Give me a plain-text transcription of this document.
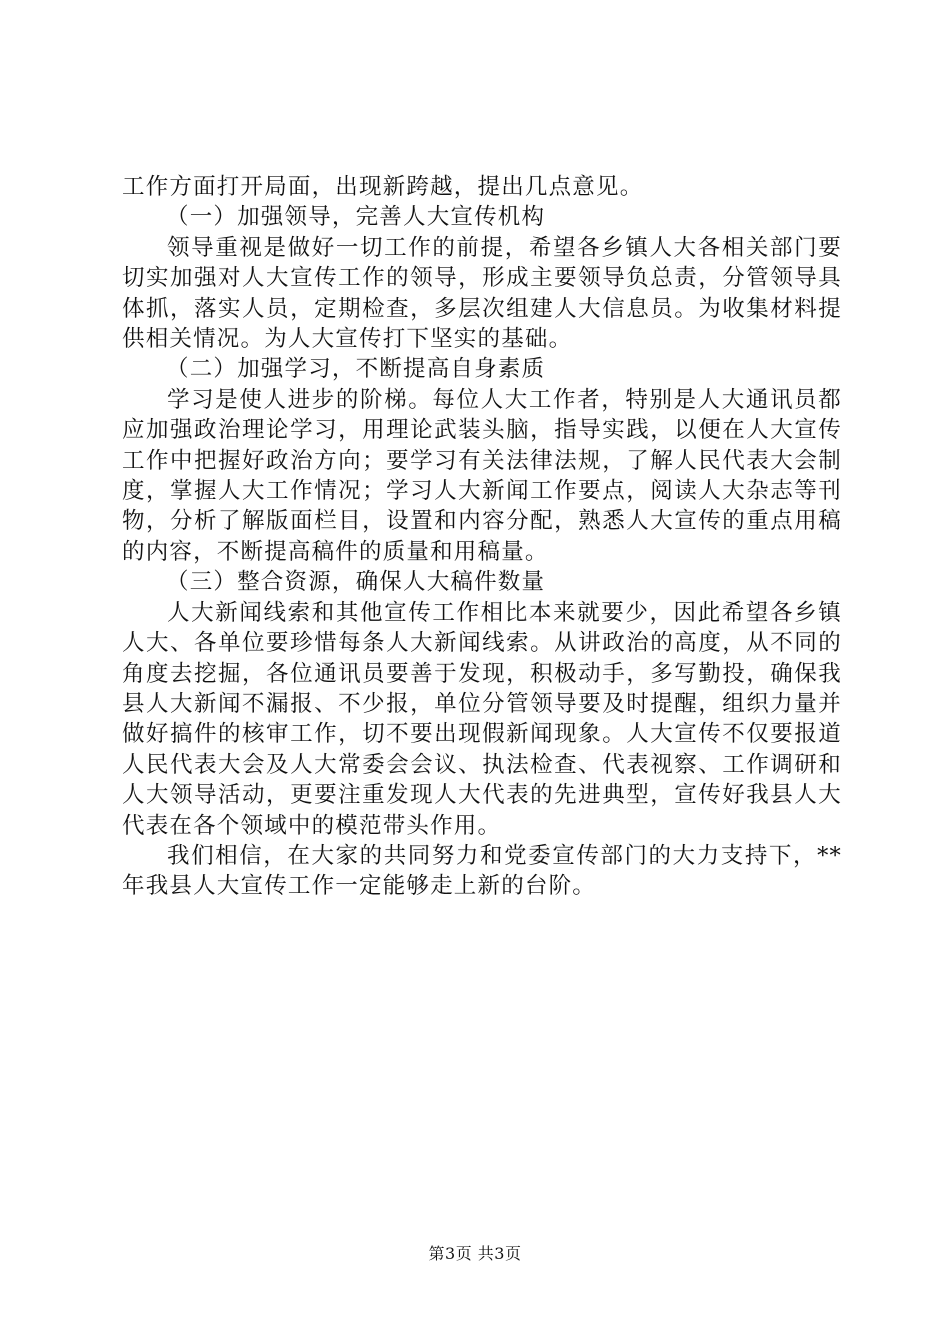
工作方面打开局面，出现新跨越，提出几点意见。

（一）加强领导，完善人大宣传机构

领导重视是做好一切工作的前提，希望各乡镇人大各相关部门要切实加强对人大宣传工作的领导，形成主要领导负总责，分管领导具体抓，落实人员，定期检查，多层次组建人大信息员。为收集材料提供相关情况。为人大宣传打下坚实的基础。

（二）加强学习，不断提高自身素质

学习是使人进步的阶梯。每位人大工作者，特别是人大通讯员都应加强政治理论学习，用理论武装头脑，指导实践，以便在人大宣传工作中把握好政治方向；要学习有关法律法规，了解人民代表大会制度，掌握人大工作情况；学习人大新闻工作要点，阅读人大杂志等刊物，分析了解版面栏目，设置和内容分配，熟悉人大宣传的重点用稿的内容，不断提高稿件的质量和用稿量。

（三）整合资源，确保人大稿件数量

人大新闻线索和其他宣传工作相比本来就要少，因此希望各乡镇人大、各单位要珍惜每条人大新闻线索。从讲政治的高度，从不同的角度去挖掘，各位通讯员要善于发现，积极动手，多写勤投，确保我县人大新闻不漏报、不少报，单位分管领导要及时提醒，组织力量并做好搞件的核审工作，切不要出现假新闻现象。人大宣传不仅要报道人民代表大会及人大常委会会议、执法检查、代表视察、工作调研和人大领导活动，更要注重发现人大代表的先进典型，宣传好我县人大代表在各个领域中的模范带头作用。

我们相信，在大家的共同努力和党委宣传部门的大力支持下，**年我县人大宣传工作一定能够走上新的台阶。

第3页 共3页
